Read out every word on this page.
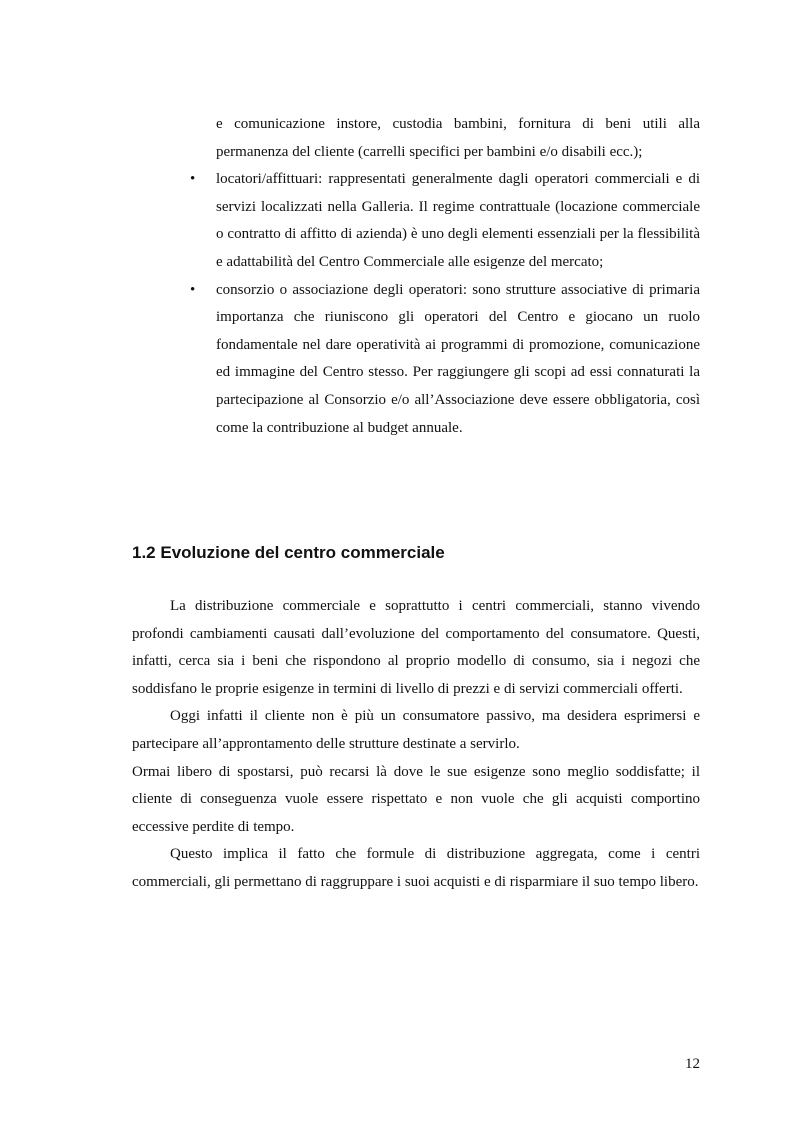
e comunicazione instore, custodia bambini, fornitura di beni utili alla permanenza del cliente (carrelli specifici per bambini e/o disabili ecc.);

• locatori/affittuari: rappresentati generalmente dagli operatori commerciali e di servizi localizzati nella Galleria. Il regime contrattuale (locazione commerciale o contratto di affitto di azienda) è uno degli elementi essenziali per la flessibilità e adattabilità del Centro Commerciale alle esigenze del mercato;
• consorzio o associazione degli operatori: sono strutture associative di primaria importanza che riuniscono gli operatori del Centro e giocano un ruolo fondamentale nel dare operatività ai programmi di promozione, comunicazione ed immagine del Centro stesso. Per raggiungere gli scopi ad essi connaturati la partecipazione al Consorzio e/o all’Associazione deve essere obbligatoria, così come la contribuzione al budget annuale.
1.2 Evoluzione del centro commerciale

La distribuzione commerciale e soprattutto i centri commerciali, stanno vivendo profondi cambiamenti causati dall’evoluzione del comportamento del consumatore. Questi, infatti, cerca sia i beni che rispondono al proprio modello di consumo, sia i negozi che soddisfano le proprie esigenze in termini di livello di prezzi e di servizi commerciali offerti.

Oggi infatti il cliente non è più un consumatore passivo, ma desidera esprimersi e partecipare all’approntamento delle strutture destinate a servirlo.

Ormai libero di spostarsi, può recarsi là dove le sue esigenze sono meglio soddisfatte; il cliente di conseguenza vuole essere rispettato e non vuole che gli acquisti comportino eccessive perdite di tempo.

Questo implica il fatto che formule di distribuzione aggregata, come i centri commerciali, gli permettano di raggruppare i suoi acquisti e di risparmiare il suo tempo libero.

12
